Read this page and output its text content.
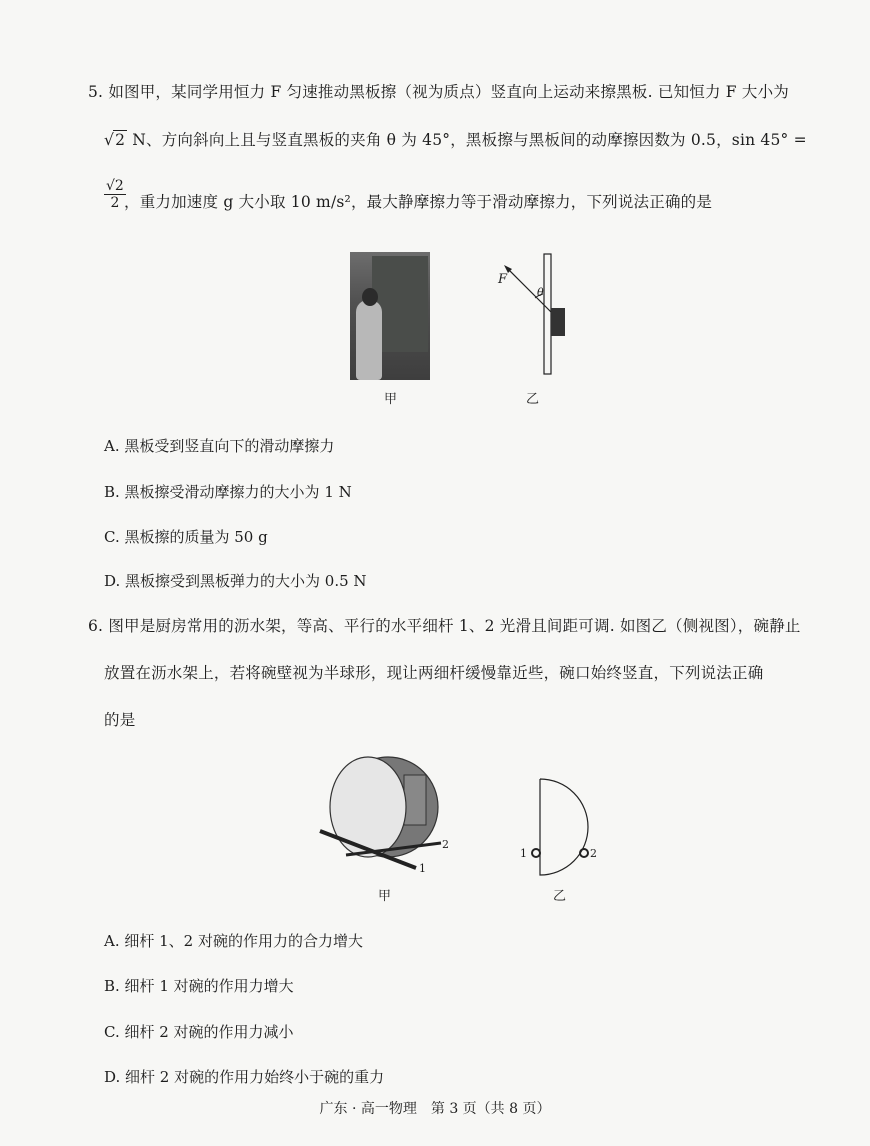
5. 如图甲，某同学用恒力 F 匀速推动黑板擦（视为质点）竖直向上运动来擦黑板. 已知恒力 F 大小为
√2 N、方向斜向上且与竖直黑板的夹角 θ 为 45°，黑板擦与黑板间的动摩擦因数为 0.5，sin 45° =
$\frac{√2}{2}$
，重力加速度 g 大小取 10 m/s²，最大静摩擦力等于滑动摩擦力，下列说法正确的是
甲
F
θ
乙
A. 黑板受到竖直向下的滑动摩擦力
B. 黑板擦受滑动摩擦力的大小为 1 N
C. 黑板擦的质量为 50 g
D. 黑板擦受到黑板弹力的大小为 0.5 N
6. 图甲是厨房常用的沥水架，等高、平行的水平细杆 1、2 光滑且间距可调. 如图乙（侧视图），碗静止
放置在沥水架上，若将碗壁视为半球形，现让两细杆缓慢靠近些，碗口始终竖直，下列说法正确
的是
2
1
甲
1	2
乙
A. 细杆 1、2 对碗的作用力的合力增大
B. 细杆 1 对碗的作用力增大
C. 细杆 2 对碗的作用力减小
D. 细杆 2 对碗的作用力始终小于碗的重力
广东 · 高一物理　第 3 页（共 8 页）
